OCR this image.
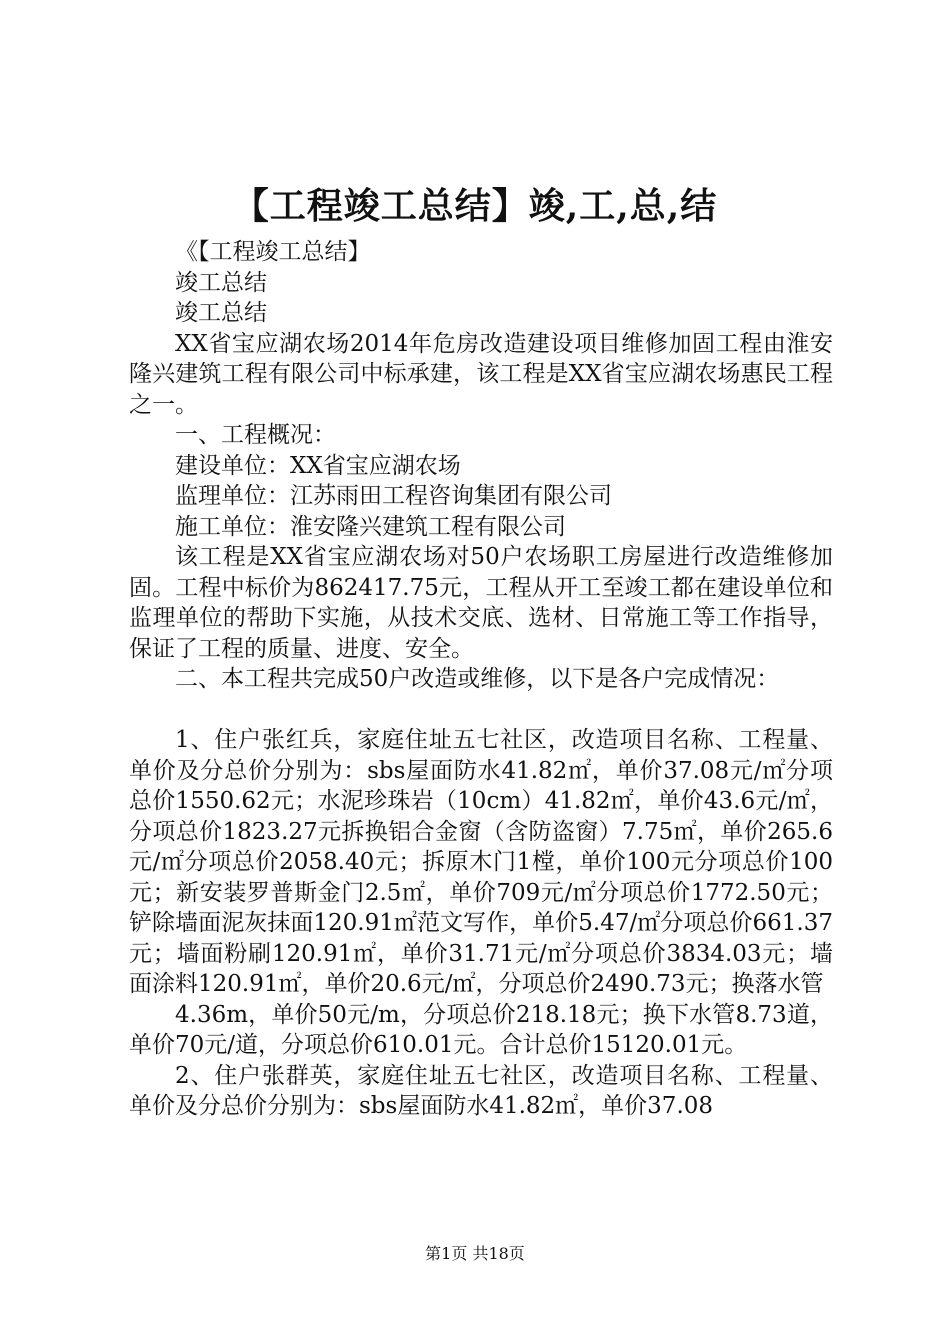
【工程竣工总结】竣,工,总,结

《【工程竣工总结】

竣工总结

竣工总结

XX省宝应湖农场2014年危房改造建设项目维修加固工程由淮安隆兴建筑工程有限公司中标承建，该工程是XX省宝应湖农场惠民工程之一。

一、工程概况：

建设单位：XX省宝应湖农场

监理单位：江苏雨田工程咨询集团有限公司

施工单位：淮安隆兴建筑工程有限公司

该工程是XX省宝应湖农场对50户农场职工房屋进行改造维修加固。工程中标价为862417.75元，工程从开工至竣工都在建设单位和监理单位的帮助下实施，从技术交底、选材、日常施工等工作指导，保证了工程的质量、进度、安全。

二、本工程共完成50户改造或维修，以下是各户完成情况：

1、住户张红兵，家庭住址五七社区，改造项目名称、工程量、单价及分总价分别为：sbs屋面防水41.82㎡，单价37.08元/㎡分项总价1550.62元；水泥珍珠岩（10cm）41.82㎡，单价43.6元/㎡，分项总价1823.27元拆换铝合金窗（含防盗窗）7.75㎡，单价265.6元/㎡分项总价2058.40元；拆原木门1樘，单价100元分项总价100元；新安装罗普斯金门2.5㎡，单价709元/㎡分项总价1772.50元；铲除墙面泥灰抹面120.91㎡范文写作，单价5.47/㎡分项总价661.37元；墙面粉刷120.91㎡，单价31.71元/㎡分项总价3834.03元；墙面涂料120.91㎡，单价20.6元/㎡，分项总价2490.73元；换落水管

4.36m，单价50元/m，分项总价218.18元；换下水管8.73道，单价70元/道，分项总价610.01元。合计总价15120.01元。

2、住户张群英，家庭住址五七社区，改造项目名称、工程量、单价及分总价分别为：sbs屋面防水41.82㎡，单价37.08

第1页 共18页
